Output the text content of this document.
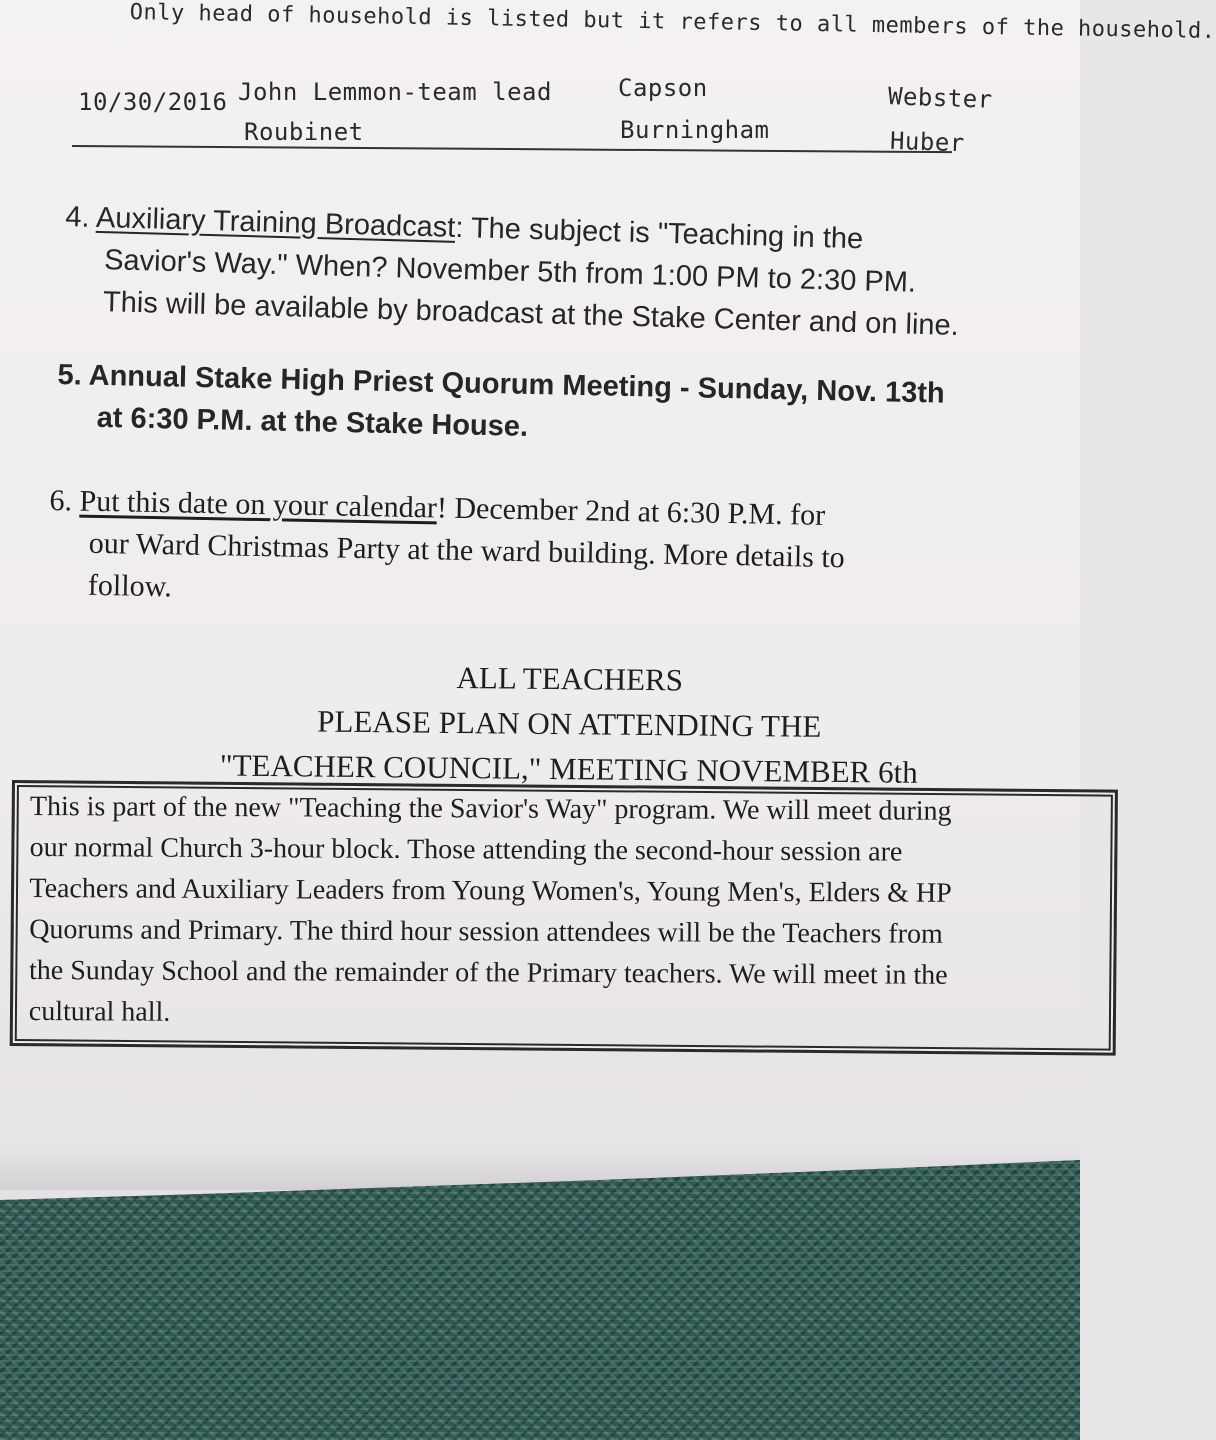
Only head of household is listed but it refers to all members of the household.
10/30/2016 John Lemmon-team lead
Roubinet
Capson
Burningham
Webster
Huber
4. Auxiliary Training Broadcast: The subject is "Teaching in the
Savior's Way." When? November 5th from 1:00 PM to 2:30 PM.
This will be available by broadcast at the Stake Center and on line.
5. Annual Stake High Priest Quorum Meeting - Sunday, Nov. 13th
at 6:30 P.M. at the Stake House.
6. Put this date on your calendar! December 2nd at 6:30 P.M. for
our Ward Christmas Party at the ward building. More details to
follow.
ALL TEACHERS
PLEASE PLAN ON ATTENDING THE
"TEACHER COUNCIL," MEETING NOVEMBER 6th
This is part of the new "Teaching the Savior's Way" program. We will meet during
our normal Church 3-hour block. Those attending the second-hour session are
Teachers and Auxiliary Leaders from Young Women's, Young Men's, Elders & HP
Quorums and Primary. The third hour session attendees will be the Teachers from
the Sunday School and the remainder of the Primary teachers. We will meet in the
cultural hall.
